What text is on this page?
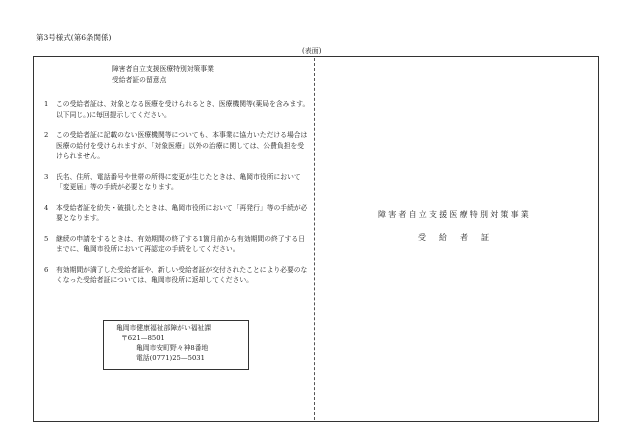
第3号様式(第6条関係)
(表面)
障害者自立支援医療特別対策事業
受給者証の留意点
1	この受給者証は、対象となる医療を受けられるとき、医療機関等(薬局を含みます。以下同じ。)に毎回提示してください。
2	この受給者証に記載のない医療機関等についても、本事業に協力いただける場合は医療の給付を受けられますが、「対象医療」以外の治療に関しては、公費負担を受けられません。
3	氏名、住所、電話番号や世帯の所得に変更が生じたときは、亀岡市役所において「変更届」等の手続が必要となります。
4	本受給者証を紛失・破損したときは、亀岡市役所において「再発行」等の手続が必要となります。
5	継続の申請をするときは、有効期間の終了する1箇月前から有効期間の終了する日までに、亀岡市役所において再認定の手続をしてください。
6	有効期間が満了した受給者証や、新しい受給者証が交付されたことにより必要のなくなった受給者証については、亀岡市役所に返却してください。
亀岡市健康福祉部障がい福祉課
〒621—8501
亀岡市安町野々神8番地
電話(0771)25—5031
障害者自立支援医療特別対策事業
受給者証
